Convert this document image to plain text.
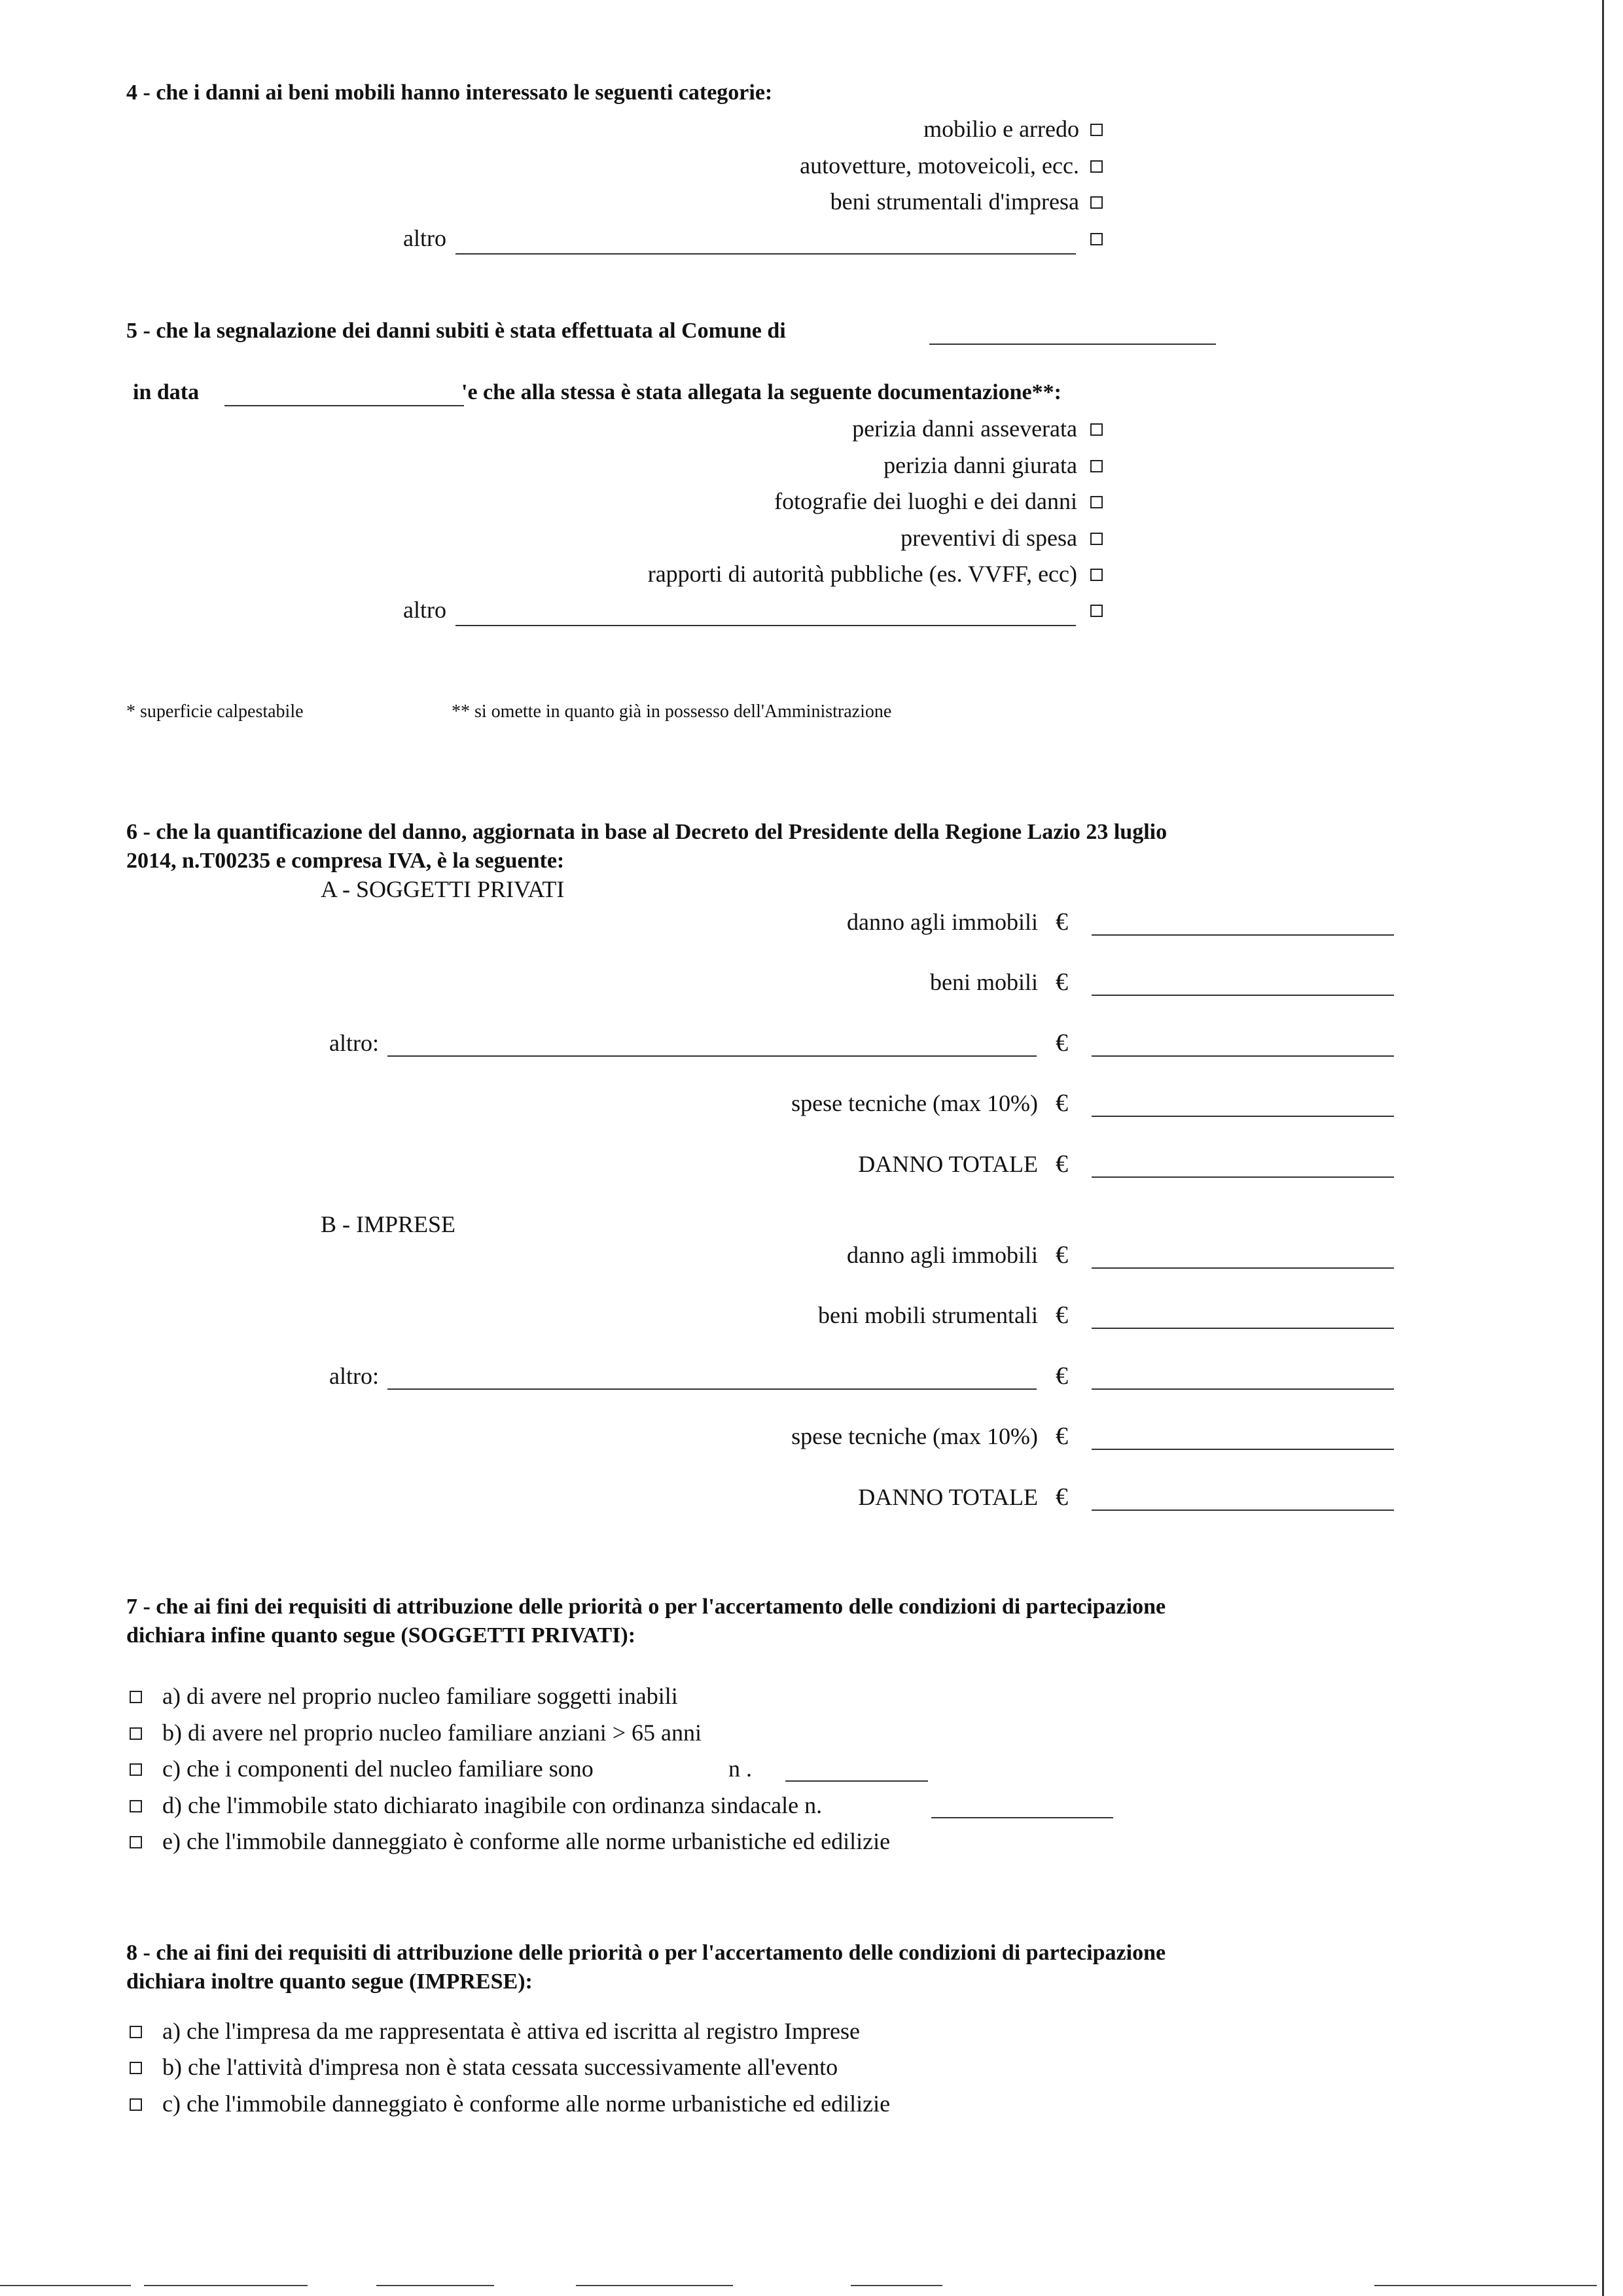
4 - che i danni ai beni mobili hanno interessato le seguenti categorie:
mobilio e arredo
autovetture, motoveicoli, ecc.
beni strumentali d'impresa
altro
5 - che la segnalazione dei danni subiti è stata effettuata al Comune di
in data	'e che alla stessa è stata allegata la seguente documentazione**:
perizia danni asseverata
perizia danni giurata
fotografie dei luoghi e dei danni
preventivi di spesa
rapporti di autorità pubbliche (es. VVFF, ecc)
altro
* superficie calpestabile	** si omette in quanto già in possesso dell'Amministrazione
6 - che la quantificazione del danno, aggiornata in base al Decreto del Presidente della Regione Lazio 23 luglio
2014, n.T00235 e compresa IVA, è la seguente:
A - SOGGETTI PRIVATI
danno agli immobili €
beni mobili €
altro:	€
spese tecniche (max 10%) €
DANNO TOTALE €
B - IMPRESE
danno agli immobili €
beni mobili strumentali €
altro:	€
spese tecniche (max 10%) €
DANNO TOTALE €
7 - che ai fini dei requisiti di attribuzione delle priorità o per l'accertamento delle condizioni di partecipazione
dichiara infine quanto segue (SOGGETTI PRIVATI):
a) di avere nel proprio nucleo familiare soggetti inabili
b) di avere nel proprio nucleo familiare anziani > 65 anni
c) che i componenti del nucleo familiare sono	n .
d) che l'immobile stato dichiarato inagibile con ordinanza sindacale n.
e) che l'immobile danneggiato è conforme alle norme urbanistiche ed edilizie
8 - che ai fini dei requisiti di attribuzione delle priorità o per l'accertamento delle condizioni di partecipazione
dichiara inoltre quanto segue (IMPRESE):
a) che l'impresa da me rappresentata è attiva ed iscritta al registro Imprese
b) che l'attività d'impresa non è stata cessata successivamente all'evento
c) che l'immobile danneggiato è conforme alle norme urbanistiche ed edilizie
